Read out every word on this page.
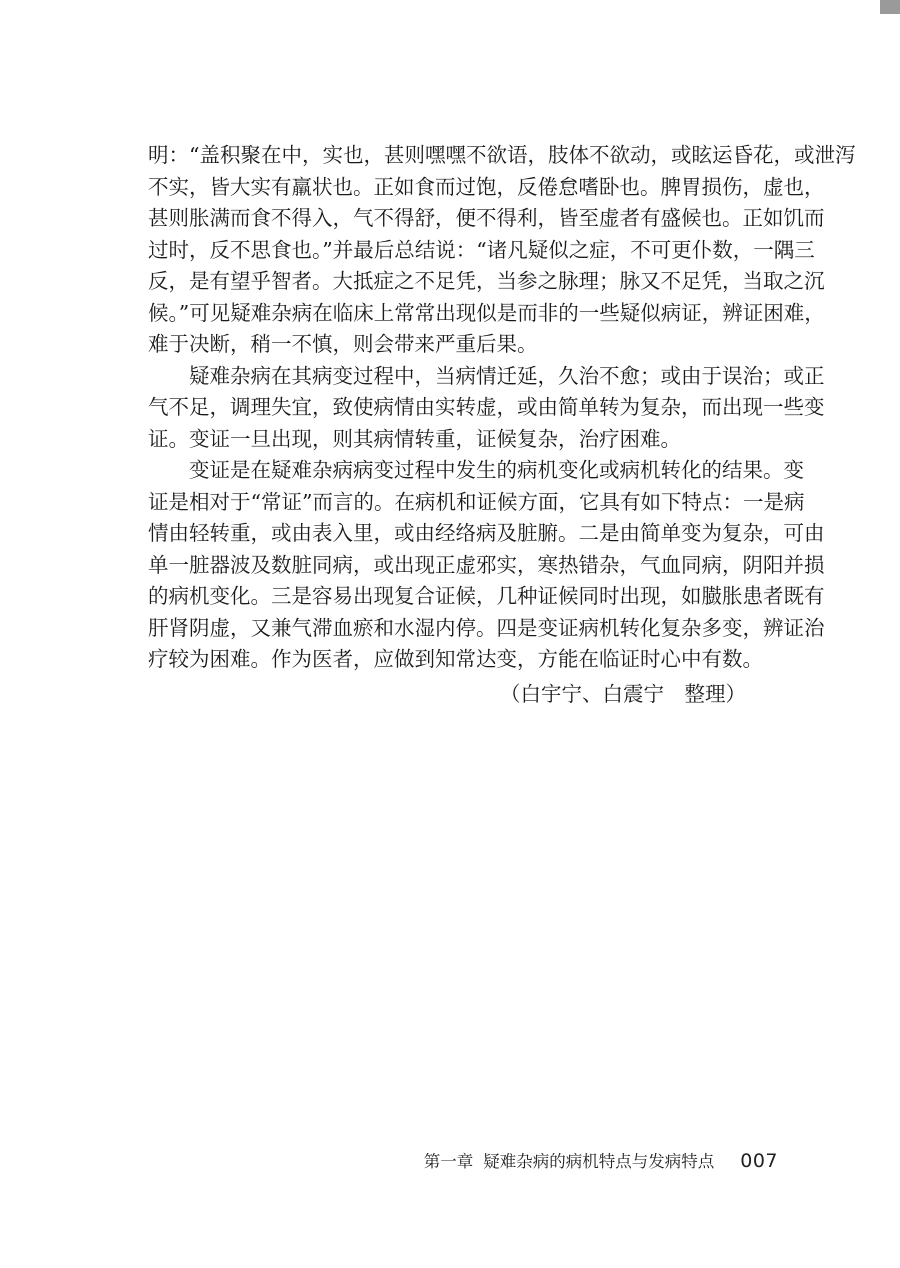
明：“盖积聚在中，实也，甚则嘿嘿不欲语，肢体不欲动，或眩运昏花，或泄泻
不实，皆大实有羸状也。正如食而过饱，反倦怠嗜卧也。脾胃损伤，虚也，
甚则胀满而食不得入，气不得舒，便不得利，皆至虚者有盛候也。正如饥而
过时，反不思食也。”并最后总结说：“诸凡疑似之症，不可更仆数，一隅三
反，是有望乎智者。大抵症之不足凭，当参之脉理；脉又不足凭，当取之沉
候。”可见疑难杂病在临床上常常出现似是而非的一些疑似病证，辨证困难，
难于决断，稍一不慎，则会带来严重后果。
疑难杂病在其病变过程中，当病情迁延，久治不愈；或由于误治；或正
气不足，调理失宜，致使病情由实转虚，或由简单转为复杂，而出现一些变
证。变证一旦出现，则其病情转重，证候复杂，治疗困难。
变证是在疑难杂病病变过程中发生的病机变化或病机转化的结果。变
证是相对于“常证”而言的。在病机和证候方面，它具有如下特点：一是病
情由轻转重，或由表入里，或由经络病及脏腑。二是由简单变为复杂，可由
单一脏器波及数脏同病，或出现正虚邪实，寒热错杂，气血同病，阴阳并损
的病机变化。三是容易出现复合证候，几种证候同时出现，如臌胀患者既有
肝肾阴虚，又兼气滞血瘀和水湿内停。四是变证病机转化复杂多变，辨证治
疗较为困难。作为医者，应做到知常达变，方能在临证时心中有数。
（白宇宁、白震宁　整理）
第一章 疑难杂病的病机特点与发病特点 007
